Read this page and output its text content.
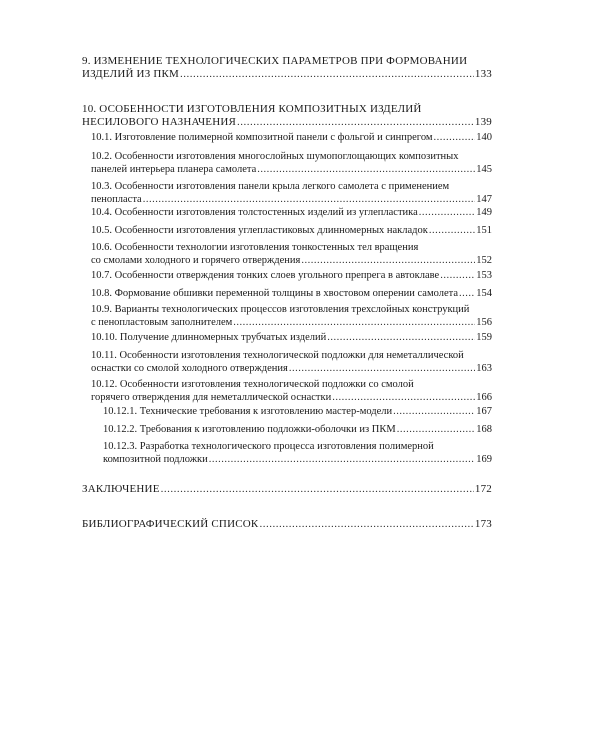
9. ИЗМЕНЕНИЕ ТЕХНОЛОГИЧЕСКИХ ПАРАМЕТРОВ ПРИ ФОРМОВАНИИ
ИЗДЕЛИЙ ИЗ ПКМ .....	133
10. ОСОБЕННОСТИ ИЗГОТОВЛЕНИЯ КОМПОЗИТНЫХ ИЗДЕЛИЙ
НЕСИЛОВОГО НАЗНАЧЕНИЯ .....	139
10.1. Изготовление полимерной композитной панели с фольгой и синпрегом .....	140
10.2. Особенности изготовления многослойных шумопоглощающих композитных
панелей интерьера планера самолета .....	145
10.3. Особенности изготовления панели крыла легкого самолета с применением
пенопласта .....	147
10.4. Особенности изготовления толстостенных изделий из углепластика .....	149
10.5. Особенности изготовления углепластиковых длинномерных накладок .....	151
10.6. Особенности технологии изготовления тонкостенных тел вращения
со смолами холодного и горячего отверждения .....	152
10.7. Особенности отверждения тонких слоев угольного препрега в автоклаве .....	153
10.8. Формование обшивки переменной толщины в хвостовом оперении самолета ..... 154
10.9. Варианты технологических процессов изготовления трехслойных конструкций
с пенопластовым заполнителем .....	156
10.10. Получение длинномерных трубчатых изделий .....	159
10.11. Особенности изготовления технологической подложки для неметаллической
оснастки со смолой холодного отверждения .....	163
10.12. Особенности изготовления технологической подложки со смолой
горячего отверждения для неметаллической оснастки .....	166
10.12.1. Технические требования к изготовлению мастер-модели .....	167
10.12.2. Требования к изготовлению подложки-оболочки из ПКМ .....	168
10.12.3. Разработка технологического процесса изготовления полимерной
композитной подложки .....	169
ЗАКЛЮЧЕНИЕ .....	172
БИБЛИОГРАФИЧЕСКИЙ СПИСОК .....	173
